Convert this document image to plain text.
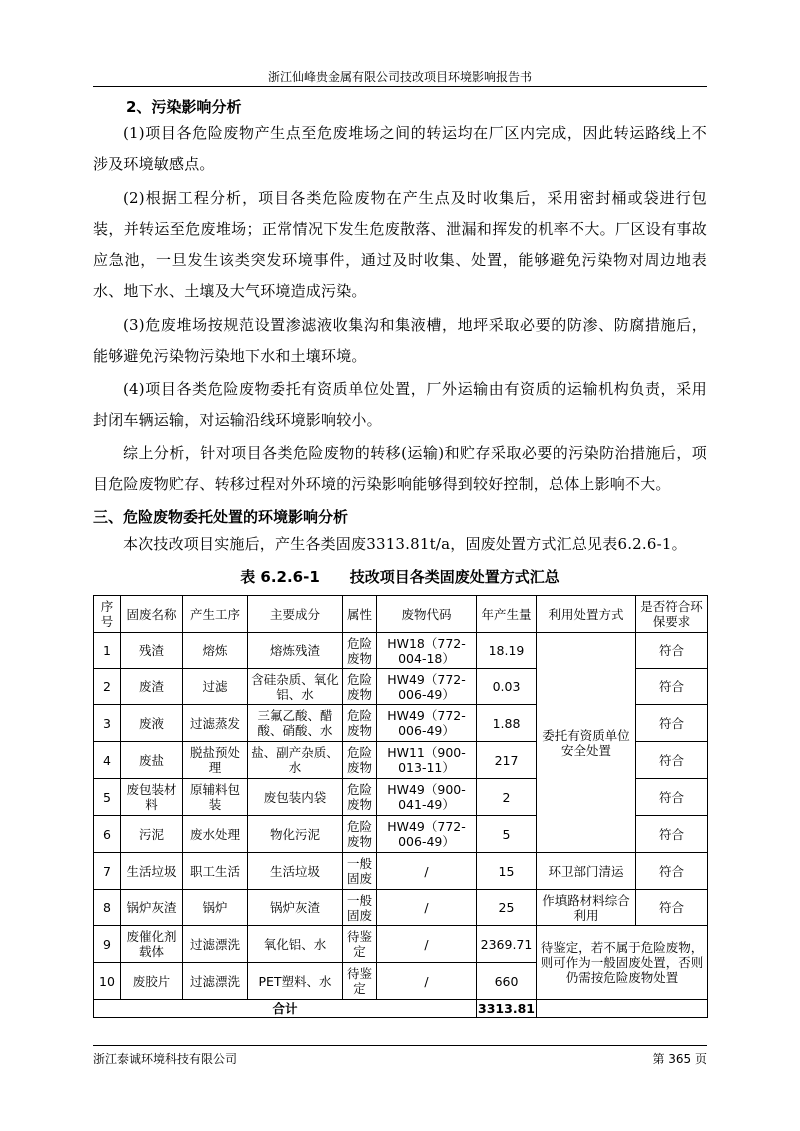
浙江仙峰贵金属有限公司技改项目环境影响报告书
2、污染影响分析
(1)项目各危险废物产生点至危废堆场之间的转运均在厂区内完成，因此转运路线上不涉及环境敏感点。
(2)根据工程分析，项目各类危险废物在产生点及时收集后，采用密封桶或袋进行包装，并转运至危废堆场；正常情况下发生危废散落、泄漏和挥发的机率不大。厂区设有事故应急池，一旦发生该类突发环境事件，通过及时收集、处置，能够避免污染物对周边地表水、地下水、土壤及大气环境造成污染。
(3)危废堆场按规范设置渗滤液收集沟和集液槽，地坪采取必要的防渗、防腐措施后，能够避免污染物污染地下水和土壤环境。
(4)项目各类危险废物委托有资质单位处置，厂外运输由有资质的运输机构负责，采用封闭车辆运输，对运输沿线环境影响较小。
综上分析，针对项目各类危险废物的转移(运输)和贮存采取必要的污染防治措施后，项目危险废物贮存、转移过程对外环境的污染影响能够得到较好控制，总体上影响不大。
三、危险废物委托处置的环境影响分析
本次技改项目实施后，产生各类固废3313.81t/a，固废处置方式汇总见表6.2.6-1。
表 6.2.6-1　　技改项目各类固废处置方式汇总
序号	固废名称	产生工序	主要成分	属性	废物代码	年产生量	利用处置方式	是否符合环保要求
1	残渣	熔炼	熔炼残渣	危险废物	HW18（772-004-18）	18.19	委托有资质单位安全处置	符合
2	废渣	过滤	含硅杂质、氧化铝、水	危险废物	HW49（772-006-49）	0.03		符合
3	废液	过滤蒸发	三氟乙酸、醋酸、硝酸、水	危险废物	HW49（772-006-49）	1.88		符合
4	废盐	脱盐预处理	盐、副产杂质、水	危险废物	HW11（900-013-11）	217		符合
5	废包装材料	原辅料包装	废包装内袋	危险废物	HW49（900-041-49）	2		符合
6	污泥	废水处理	物化污泥	危险废物	HW49（772-006-49）	5		符合
7	生活垃圾	职工生活	生活垃圾	一般固废	/	15	环卫部门清运	符合
8	锅炉灰渣	锅炉	锅炉灰渣	一般固废	/	25	作填路材料综合利用	符合
9	废催化剂载体	过滤漂洗	氧化铝、水	待鉴定	/	2369.71	待鉴定，若不属于危险废物，则可作为一般固废处置，否则仍需按危险废物处置	
10	废胶片	过滤漂洗	PET塑料、水	待鉴定	/	660		
合计						3313.81		
浙江泰诚环境科技有限公司	第 365 页
